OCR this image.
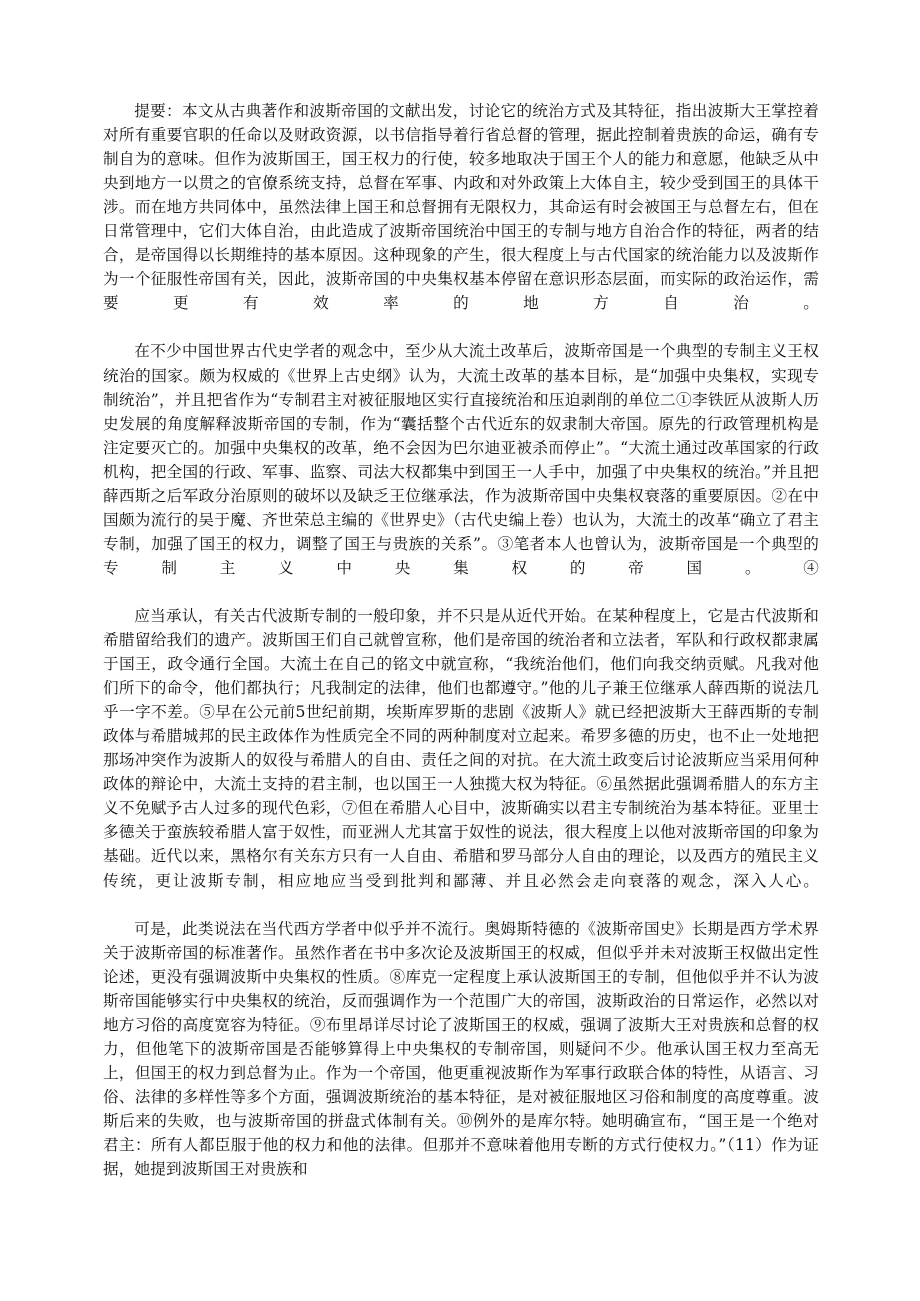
提要：本文从古典著作和波斯帝国的文献出发，讨论它的统治方式及其特征，指出波斯大王掌控着对所有重要官职的任命以及财政资源，以书信指导着行省总督的管理，据此控制着贵族的命运，确有专制自为的意味。但作为波斯国王，国王权力的行使，较多地取决于国王个人的能力和意愿，他缺乏从中央到地方一以贯之的官僚系统支持，总督在军事、内政和对外政策上大体自主，较少受到国王的具体干涉。而在地方共同体中，虽然法律上国王和总督拥有无限权力，其命运有时会被国王与总督左右，但在日常管理中，它们大体自治，由此造成了波斯帝国统治中国王的专制与地方自治合作的特征，两者的结合，是帝国得以长期维持的基本原因。这种现象的产生，很大程度上与古代国家的统治能力以及波斯作为一个征服性帝国有关，因此，波斯帝国的中央集权基本停留在意识形态层面，而实际的政治运作，需要更有效率的地方自治。

在不少中国世界古代史学者的观念中，至少从大流土改革后，波斯帝国是一个典型的专制主义王权统治的国家。颇为权威的《世界上古史纲》认为，大流土改革的基本目标，是“加强中央集权，实现专制统治”，并且把省作为“专制君主对被征服地区实行直接统治和压迫剥削的单位二①李铁匠从波斯人历史发展的角度解释波斯帝国的专制，作为“囊括整个古代近东的奴隶制大帝国。原先的行政管理机构是注定要灭亡的。加强中央集权的改革，绝不会因为巴尔迪亚被杀而停止”。“大流土通过改革国家的行政机构，把全国的行政、军事、监察、司法大权都集中到国王一人手中，加强了中央集权的统治。”并且把薛西斯之后军政分治原则的破坏以及缺乏王位继承法，作为波斯帝国中央集权衰落的重要原因。②在中国颇为流行的吴于魔、齐世荣总主编的《世界史》（古代史编上卷）也认为，大流土的改革“确立了君主专制，加强了国王的权力，调整了国王与贵族的关系”。③笔者本人也曾认为，波斯帝国是一个典型的专制主义中央集权的帝国。④

应当承认，有关古代波斯专制的一般印象，并不只是从近代开始。在某种程度上，它是古代波斯和希腊留给我们的遗产。波斯国王们自己就曾宣称，他们是帝国的统治者和立法者，军队和行政权都隶属于国王，政令通行全国。大流土在自己的铭文中就宣称，“我统治他们，他们向我交纳贡赋。凡我对他们所下的命令，他们都执行；凡我制定的法律，他们也都遵守。”他的儿子兼王位继承人薛西斯的说法几乎一字不差。⑤早在公元前5世纪前期，埃斯库罗斯的悲剧《波斯人》就已经把波斯大王薛西斯的专制政体与希腊城邦的民主政体作为性质完全不同的两种制度对立起来。希罗多德的历史，也不止一处地把那场冲突作为波斯人的奴役与希腊人的自由、责任之间的对抗。在大流土政变后讨论波斯应当采用何种政体的辩论中，大流土支持的君主制，也以国王一人独揽大权为特征。⑥虽然据此强调希腊人的东方主义不免赋予古人过多的现代色彩，⑦但在希腊人心目中，波斯确实以君主专制统治为基本特征。亚里士多德关于蛮族较希腊人富于奴性，而亚洲人尤其富于奴性的说法，很大程度上以他对波斯帝国的印象为基础。近代以来，黑格尔有关东方只有一人自由、希腊和罗马部分人自由的理论，以及西方的殖民主义传统，更让波斯专制，相应地应当受到批判和鄙薄、并且必然会走向衰落的观念，深入人心。

可是，此类说法在当代西方学者中似乎并不流行。奥姆斯特德的《波斯帝国史》长期是西方学术界关于波斯帝国的标准著作。虽然作者在书中多次论及波斯国王的权威，但似乎并未对波斯王权做出定性论述，更没有强调波斯中央集权的性质。⑧库克一定程度上承认波斯国王的专制，但他似乎并不认为波斯帝国能够实行中央集权的统治，反而强调作为一个范围广大的帝国，波斯政治的日常运作，必然以对地方习俗的高度宽容为特征。⑨布里昂详尽讨论了波斯国王的权威，强调了波斯大王对贵族和总督的权力，但他笔下的波斯帝国是否能够算得上中央集权的专制帝国，则疑问不少。他承认国王权力至高无上，但国王的权力到总督为止。作为一个帝国，他更重视波斯作为军事行政联合体的特性，从语言、习俗、法律的多样性等多个方面，强调波斯统治的基本特征，是对被征服地区习俗和制度的高度尊重。波斯后来的失败，也与波斯帝国的拼盘式体制有关。⑩例外的是库尔特。她明确宣布，“国王是一个绝对君主：所有人都臣服于他的权力和他的法律。但那并不意味着他用专断的方式行使权力。”（11）作为证据，她提到波斯国王对贵族和
